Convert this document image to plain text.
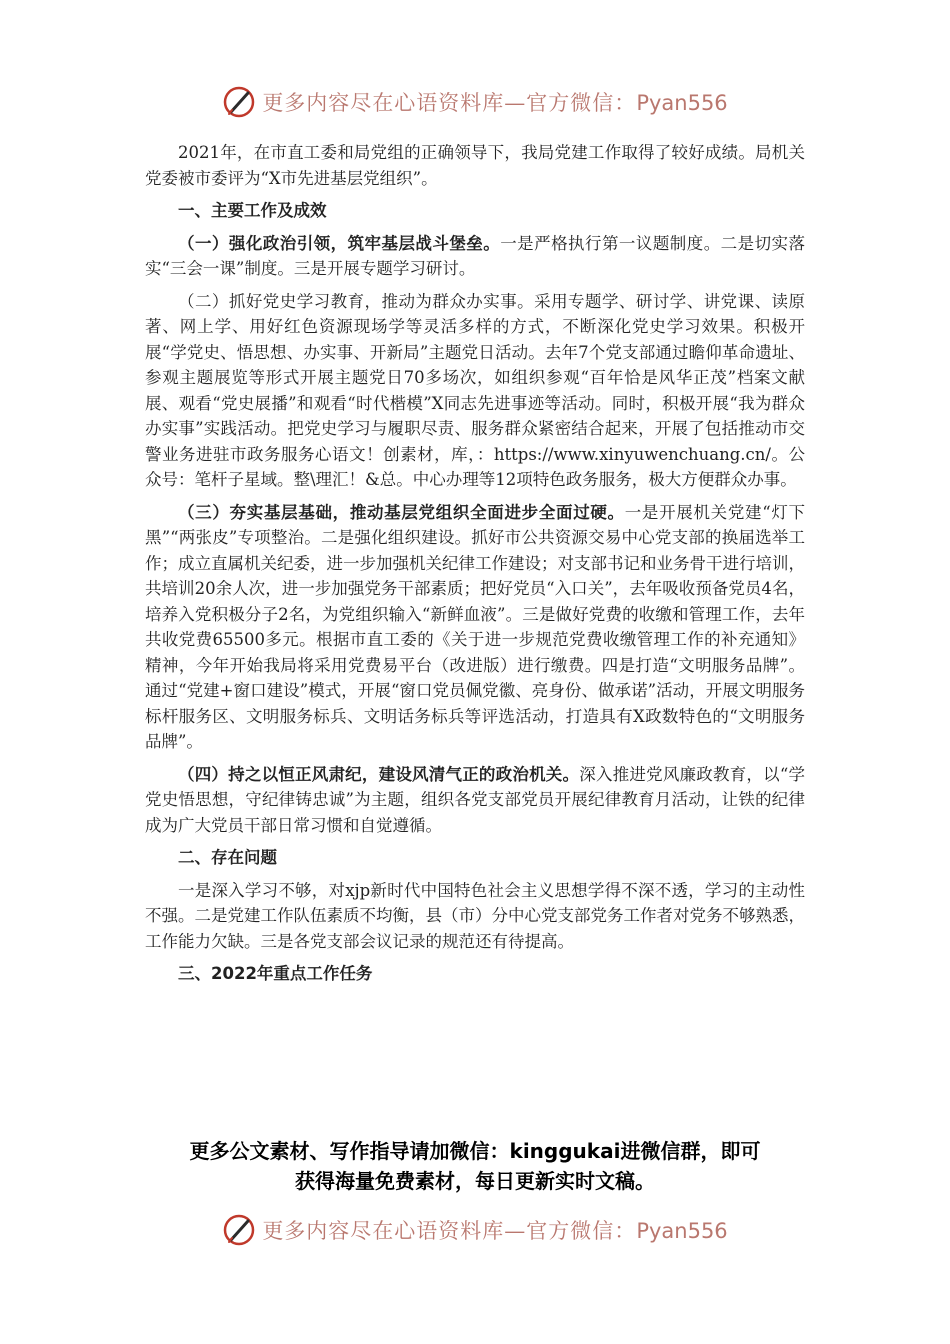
更多内容尽在心语资料库—官方微信：Pyan556

2021年，在市直工委和局党组的正确领导下，我局党建工作取得了较好成绩。局机关党委被市委评为“X市先进基层党组织”。

一、主要工作及成效

（一）强化政治引领，筑牢基层战斗堡垒。一是严格执行第一议题制度。二是切实落实“三会一课”制度。三是开展专题学习研讨。

（二）抓好党史学习教育，推动为群众办实事。采用专题学、研讨学、讲党课、读原著、网上学、用好红色资源现场学等灵活多样的方式，不断深化党史学习效果。积极开展“学党史、悟思想、办实事、开新局”主题党日活动。去年7个党支部通过瞻仰革命遗址、参观主题展览等形式开展主题党日70多场次，如组织参观“百年恰是风华正茂”档案文献展、观看“党史展播”和观看“时代楷模”X同志先进事迹等活动。同时，积极开展“我为群众办实事”实践活动。把党史学习与履职尽责、服务群众紧密结合起来，开展了包括推动市交警业务进驻市政务服务心语文！创素材，库，：https://www.xinyuwenchuang.cn/。公众号：笔杆子星域。整\理汇！&总。中心办理等12项特色政务服务，极大方便群众办事。

（三）夯实基层基础，推动基层党组织全面进步全面过硬。一是开展机关党建“灯下黑”“两张皮”专项整治。二是强化组织建设。抓好市公共资源交易中心党支部的换届选举工作；成立直属机关纪委，进一步加强机关纪律工作建设；对支部书记和业务骨干进行培训，共培训20余人次，进一步加强党务干部素质；把好党员“入口关”，去年吸收预备党员4名，培养入党积极分子2名，为党组织输入“新鲜血液”。三是做好党费的收缴和管理工作，去年共收党费65500多元。根据市直工委的《关于进一步规范党费收缴管理工作的补充通知》精神，今年开始我局将采用党费易平台（改进版）进行缴费。四是打造“文明服务品牌”。通过“党建+窗口建设”模式，开展“窗口党员佩党徽、亮身份、做承诺”活动，开展文明服务标杆服务区、文明服务标兵、文明话务标兵等评选活动，打造具有X政数特色的“文明服务品牌”。

（四）持之以恒正风肃纪，建设风清气正的政治机关。深入推进党风廉政教育，以“学党史悟思想，守纪律铸忠诚”为主题，组织各党支部党员开展纪律教育月活动，让铁的纪律成为广大党员干部日常习惯和自觉遵循。

二、存在问题

一是深入学习不够，对xjp新时代中国特色社会主义思想学得不深不透，学习的主动性不强。二是党建工作队伍素质不均衡，县（市）分中心党支部党务工作者对党务不够熟悉，工作能力欠缺。三是各党支部会议记录的规范还有待提高。

三、2022年重点工作任务
更多公文素材、写作指导请加微信：kinggukai进微信群，即可
获得海量免费素材，每日更新实时文稿。
更多内容尽在心语资料库—官方微信：Pyan556
